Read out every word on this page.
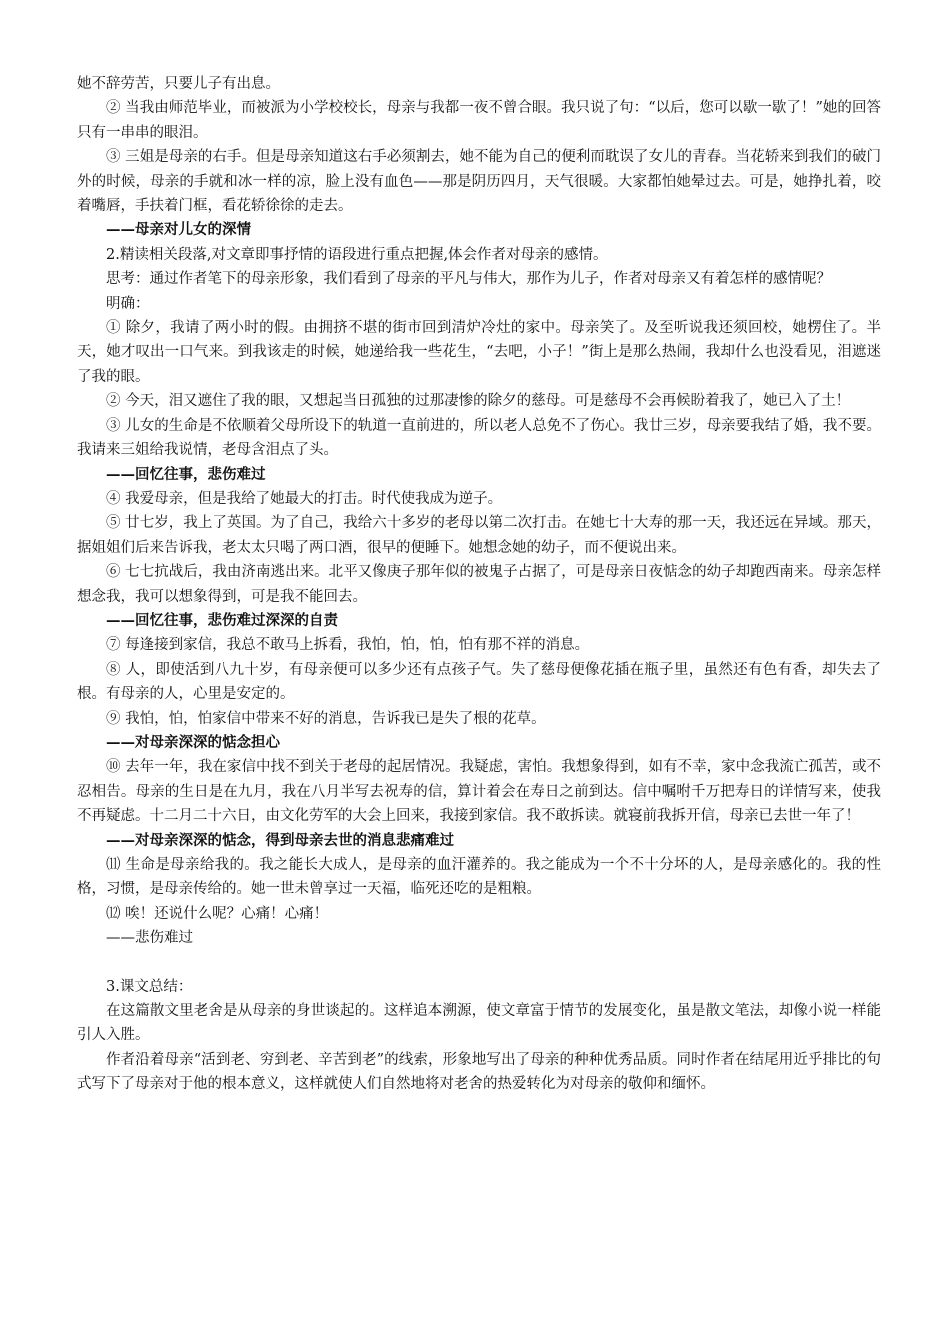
她不辞劳苦，只要儿子有出息。

② 当我由师范毕业，而被派为小学校校长，母亲与我都一夜不曾合眼。我只说了句：“以后，您可以歇一歇了！”她的回答只有一串串的眼泪。

③ 三姐是母亲的右手。但是母亲知道这右手必须割去，她不能为自己的便利而耽误了女儿的青春。当花轿来到我们的破门外的时候，母亲的手就和冰一样的凉，脸上没有血色——那是阴历四月，天气很暖。大家都怕她晕过去。可是，她挣扎着，咬着嘴唇，手扶着门框，看花轿徐徐的走去。

——母亲对儿女的深情

2.精读相关段落,对文章即事抒情的语段进行重点把握,体会作者对母亲的感情。

思考：通过作者笔下的母亲形象，我们看到了母亲的平凡与伟大，那作为儿子，作者对母亲又有着怎样的感情呢？

明确：

① 除夕，我请了两小时的假。由拥挤不堪的街市回到清炉冷灶的家中。母亲笑了。及至听说我还须回校，她楞住了。半天，她才叹出一口气来。到我该走的时候，她递给我一些花生，“去吧，小子！”街上是那么热闹，我却什么也没看见，泪遮迷了我的眼。

② 今天，泪又遮住了我的眼，又想起当日孤独的过那凄惨的除夕的慈母。可是慈母不会再候盼着我了，她已入了土！

③ 儿女的生命是不依顺着父母所设下的轨道一直前进的，所以老人总免不了伤心。我廿三岁，母亲要我结了婚，我不要。我请来三姐给我说情，老母含泪点了头。

——回忆往事，悲伤难过

④ 我爱母亲，但是我给了她最大的打击。时代使我成为逆子。

⑤ 廿七岁，我上了英国。为了自己，我给六十多岁的老母以第二次打击。在她七十大寿的那一天，我还远在异域。那天，据姐姐们后来告诉我，老太太只喝了两口酒，很早的便睡下。她想念她的幼子，而不便说出来。

⑥ 七七抗战后，我由济南逃出来。北平又像庚子那年似的被鬼子占据了，可是母亲日夜惦念的幼子却跑西南来。母亲怎样想念我，我可以想象得到，可是我不能回去。

——回忆往事，悲伤难过深深的自责

⑦ 每逢接到家信，我总不敢马上拆看，我怕，怕，怕，怕有那不祥的消息。

⑧ 人，即使活到八九十岁，有母亲便可以多少还有点孩子气。失了慈母便像花插在瓶子里，虽然还有色有香，却失去了根。有母亲的人，心里是安定的。

⑨ 我怕，怕，怕家信中带来不好的消息，告诉我已是失了根的花草。

——对母亲深深的惦念担心

⑩ 去年一年，我在家信中找不到关于老母的起居情况。我疑虑，害怕。我想象得到，如有不幸，家中念我流亡孤苦，或不忍相告。母亲的生日是在九月，我在八月半写去祝寿的信，算计着会在寿日之前到达。信中嘱咐千万把寿日的详情写来，使我不再疑虑。十二月二十六日，由文化劳军的大会上回来，我接到家信。我不敢拆读。就寝前我拆开信，母亲已去世一年了！

——对母亲深深的惦念，得到母亲去世的消息悲痛难过

⑾ 生命是母亲给我的。我之能长大成人，是母亲的血汗灌养的。我之能成为一个不十分坏的人，是母亲感化的。我的性格，习惯，是母亲传给的。她一世未曾享过一天福，临死还吃的是粗粮。

⑿ 唉！还说什么呢？心痛！心痛！

——悲伤难过

3.课文总结：

在这篇散文里老舍是从母亲的身世谈起的。这样追本溯源，使文章富于情节的发展变化，虽是散文笔法，却像小说一样能引人入胜。

作者沿着母亲“活到老、穷到老、辛苦到老”的线索，形象地写出了母亲的种种优秀品质。同时作者在结尾用近乎排比的句式写下了母亲对于他的根本意义，这样就使人们自然地将对老舍的热爱转化为对母亲的敬仰和缅怀。
